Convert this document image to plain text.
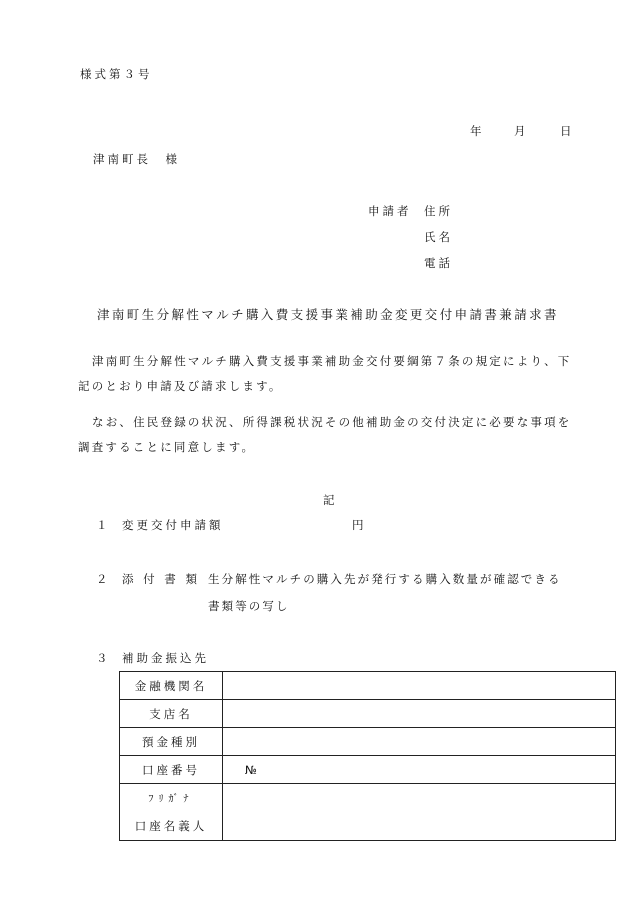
様式第３号
年	月	日
津南町長　様
申請者 住所
氏名
電話
津南町生分解性マルチ購入費支援事業補助金変更交付申請書兼請求書
津南町生分解性マルチ購入費支援事業補助金交付要綱第７条の規定により、下記のとおり申請及び請求します。
なお、住民登録の状況、所得課税状況その他補助金の交付決定に必要な事項を調査することに同意します。
記
１ 変更交付申請額	円
２ 添 付 書 類 生分解性マルチの購入先が発行する購入数量が確認できる
書類等の写し
３ 補助金振込先
金融機関名	
支店名	
預金種別	
口座番号	№

ﾌﾘｶﾞﾅ
口座名義人	
